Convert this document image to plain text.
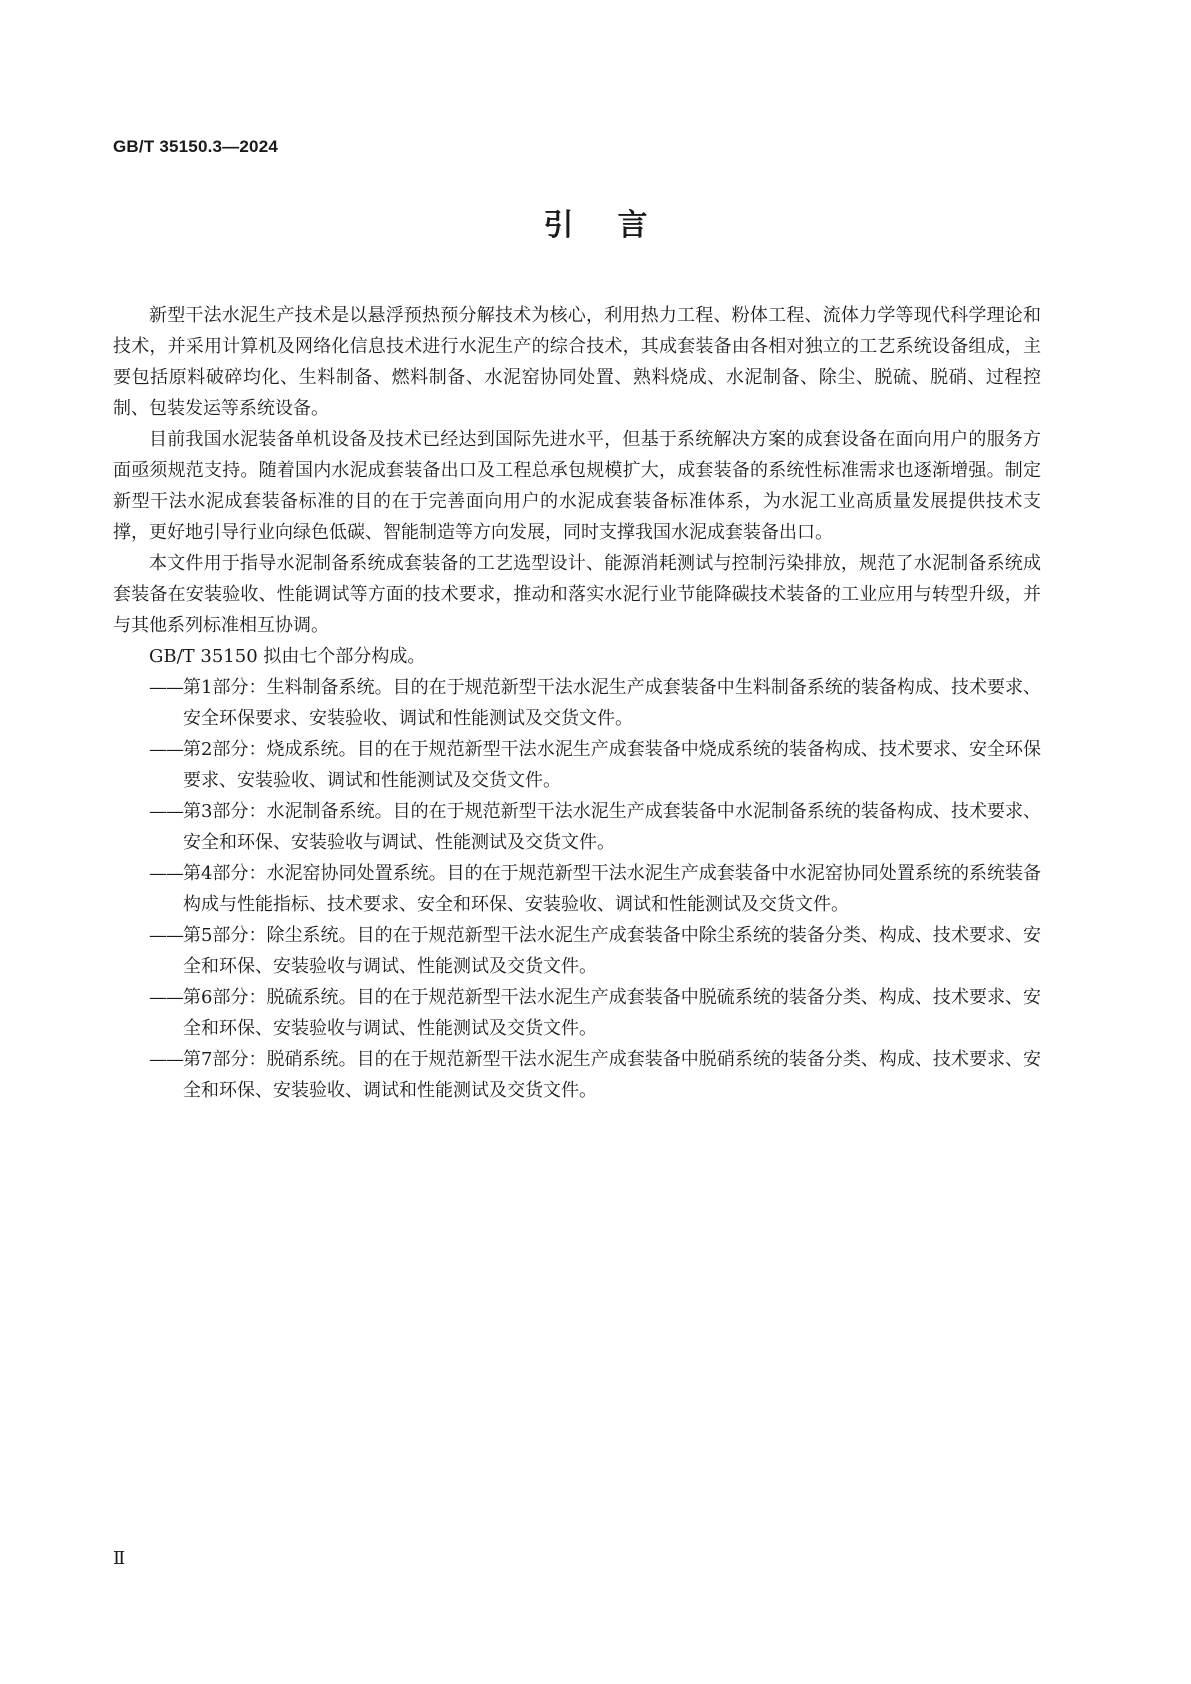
GB/T 35150.3—2024

引言

新型干法水泥生产技术是以悬浮预热预分解技术为核心，利用热力工程、粉体工程、流体力学等现代科学理论和技术，并采用计算机及网络化信息技术进行水泥生产的综合技术，其成套装备由各相对独立的工艺系统设备组成，主要包括原料破碎均化、生料制备、燃料制备、水泥窑协同处置、熟料烧成、水泥制备、除尘、脱硫、脱硝、过程控制、包装发运等系统设备。

目前我国水泥装备单机设备及技术已经达到国际先进水平，但基于系统解决方案的成套设备在面向用户的服务方面亟须规范支持。随着国内水泥成套装备出口及工程总承包规模扩大，成套装备的系统性标准需求也逐渐增强。制定新型干法水泥成套装备标准的目的在于完善面向用户的水泥成套装备标准体系，为水泥工业高质量发展提供技术支撑，更好地引导行业向绿色低碳、智能制造等方向发展，同时支撑我国水泥成套装备出口。

本文件用于指导水泥制备系统成套装备的工艺选型设计、能源消耗测试与控制污染排放，规范了水泥制备系统成套装备在安装验收、性能调试等方面的技术要求，推动和落实水泥行业节能降碳技术装备的工业应用与转型升级，并与其他系列标准相互协调。

GB/T 35150 拟由七个部分构成。

——第1部分：生料制备系统。目的在于规范新型干法水泥生产成套装备中生料制备系统的装备构成、技术要求、安全环保要求、安装验收、调试和性能测试及交货文件。
——第2部分：烧成系统。目的在于规范新型干法水泥生产成套装备中烧成系统的装备构成、技术要求、安全环保要求、安装验收、调试和性能测试及交货文件。
——第3部分：水泥制备系统。目的在于规范新型干法水泥生产成套装备中水泥制备系统的装备构成、技术要求、安全和环保、安装验收与调试、性能测试及交货文件。
——第4部分：水泥窑协同处置系统。目的在于规范新型干法水泥生产成套装备中水泥窑协同处置系统的系统装备构成与性能指标、技术要求、安全和环保、安装验收、调试和性能测试及交货文件。
——第5部分：除尘系统。目的在于规范新型干法水泥生产成套装备中除尘系统的装备分类、构成、技术要求、安全和环保、安装验收与调试、性能测试及交货文件。
——第6部分：脱硫系统。目的在于规范新型干法水泥生产成套装备中脱硫系统的装备分类、构成、技术要求、安全和环保、安装验收与调试、性能测试及交货文件。
——第7部分：脱硝系统。目的在于规范新型干法水泥生产成套装备中脱硝系统的装备分类、构成、技术要求、安全和环保、安装验收、调试和性能测试及交货文件。

Ⅱ
